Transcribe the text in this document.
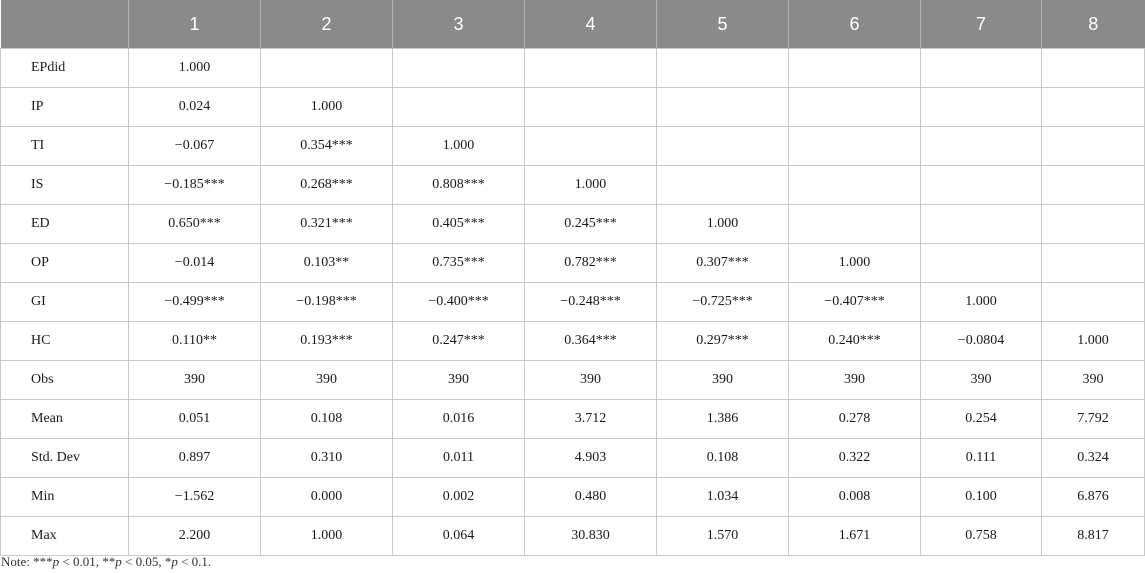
	1	2	3	4	5	6	7	8
EPdid	1.000							
IP	0.024	1.000						
TI	−0.067	0.354***	1.000					
IS	−0.185***	0.268***	0.808***	1.000				
ED	0.650***	0.321***	0.405***	0.245***	1.000			
OP	−0.014	0.103**	0.735***	0.782***	0.307***	1.000		
GI	−0.499***	−0.198***	−0.400***	−0.248***	−0.725***	−0.407***	1.000	
HC	0.110**	0.193***	0.247***	0.364***	0.297***	0.240***	−0.0804	1.000
Obs	390	390	390	390	390	390	390	390
Mean	0.051	0.108	0.016	3.712	1.386	0.278	0.254	7.792
Std. Dev	0.897	0.310	0.011	4.903	0.108	0.322	0.111	0.324
Min	−1.562	0.000	0.002	0.480	1.034	0.008	0.100	6.876
Max	2.200	1.000	0.064	30.830	1.570	1.671	0.758	8.817
Note: ***p < 0.01, **p < 0.05, *p < 0.1.
